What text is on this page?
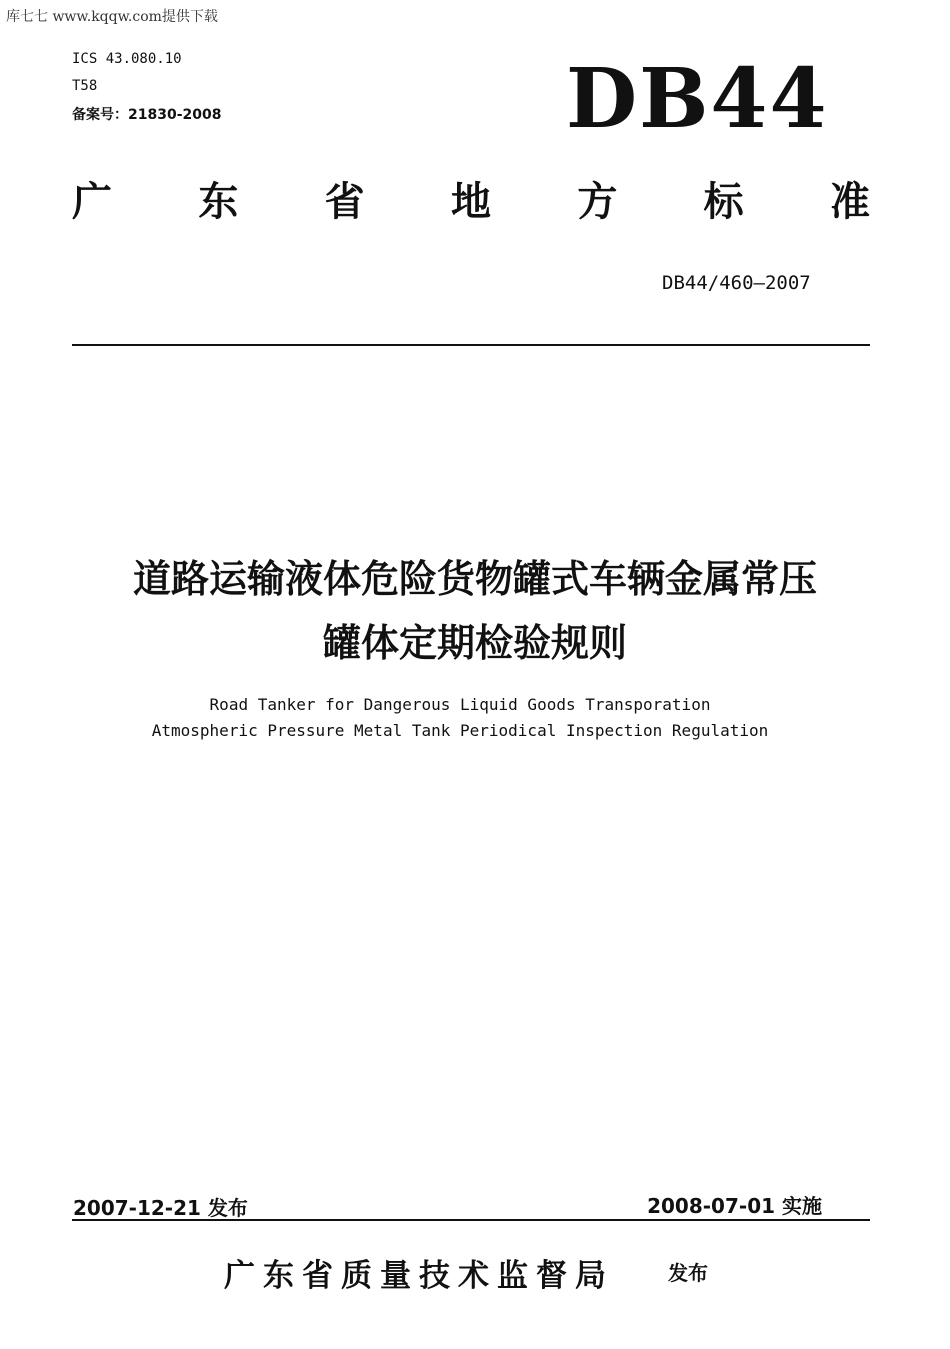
库七七 www.kqqw.com提供下载
ICS 43.080.10
T58
备案号：21830-2008	DB44
广 东 省 地 方 标 准
DB44/460—2007
道路运输液体危险货物罐式车辆金属常压
罐体定期检验规则
Road Tanker for Dangerous Liquid Goods Transporation
Atmospheric Pressure Metal Tank Periodical Inspection Regulation
2007-12-21 发布	2008-07-01 实施
广东省质量技术监督局	发布
